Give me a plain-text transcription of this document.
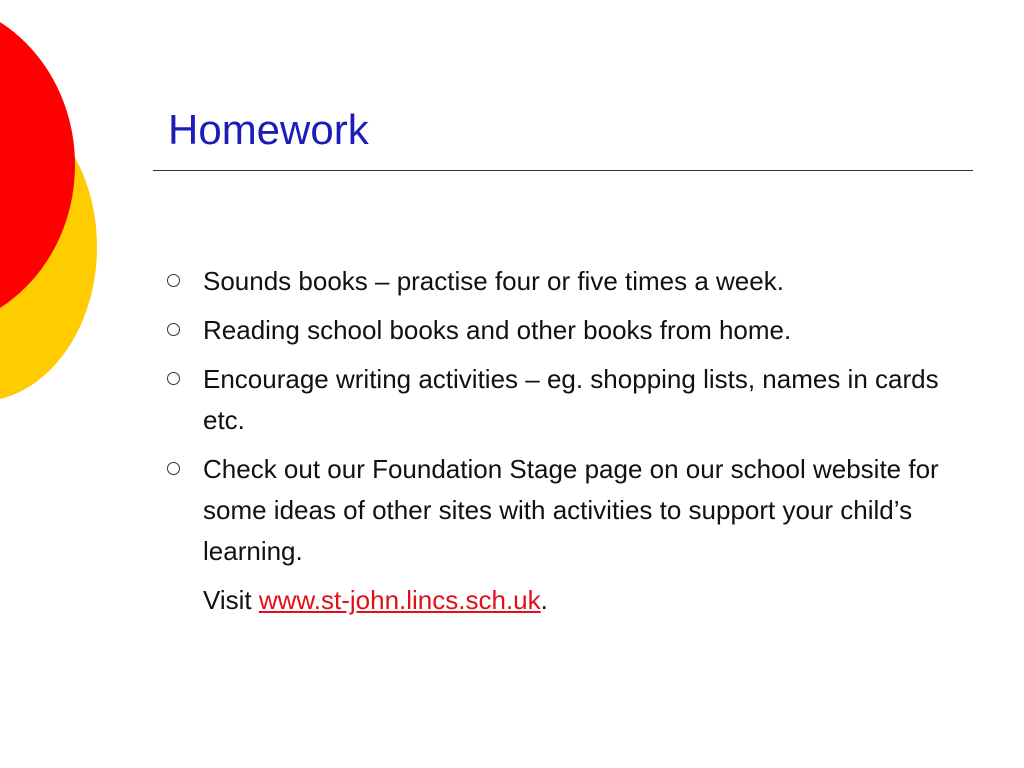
Homework
Sounds books – practise four or five times a week.
Reading school books and other books from home.
Encourage writing activities – eg. shopping lists, names in cards etc.
Check out our Foundation Stage page on our school website for some ideas of other sites with activities to support your child’s learning.
Visit www.st-john.lincs.sch.uk.
